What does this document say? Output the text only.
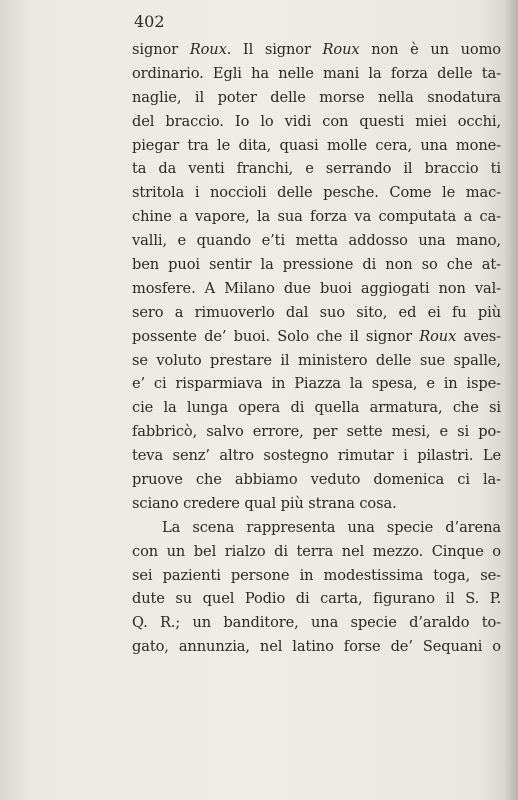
402
signor Roux. Il signor Roux non è un uomo
ordinario. Egli ha nelle mani la forza delle ta-
naglie, il poter delle morse nella snodatura
del braccio. Io lo vidi con questi miei occhi,
piegar tra le dita, quasi molle cera, una mone-
ta da venti franchi, e serrando il braccio ti
stritola i noccioli delle pesche. Come le mac-
chine a vapore, la sua forza va computata a ca-
valli, e quando e’ti metta addosso una mano,
ben puoi sentir la pressione di non so che at-
mosfere. A Milano due buoi aggiogati non val-
sero a rimuoverlo dal suo sito, ed ei fu più
possente de’ buoi. Solo che il signor Roux aves-
se voluto prestare il ministero delle sue spalle,
e’ ci risparmiava in Piazza la spesa, e in ispe-
cie la lunga opera di quella armatura, che si
fabbricò, salvo errore, per sette mesi, e si po-
teva senz’ altro sostegno rimutar i pilastri. Le
pruove che abbiamo veduto domenica ci la-
sciano credere qual più strana cosa.
La scena rappresenta una specie d’arena
con un bel rialzo di terra nel mezzo. Cinque o
sei pazienti persone in modestissima toga, se-
dute su quel Podio di carta, figurano il S. P.
Q. R.; un banditore, una specie d’araldo to-
gato, annunzia, nel latino forse de’ Sequani o
